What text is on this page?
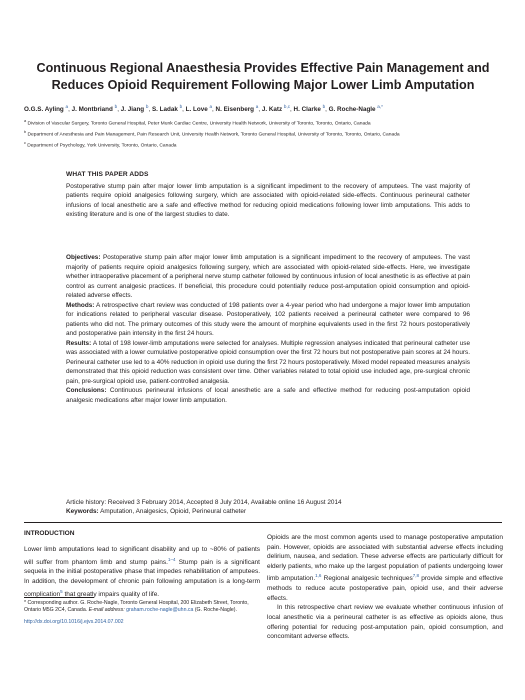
Continuous Regional Anaesthesia Provides Effective Pain Management and Reduces Opioid Requirement Following Major Lower Limb Amputation
O.G.S. Ayling $^a$, J. Montbriand $^b$, J. Jiang $^b$, S. Ladak $^b$, L. Love $^a$, N. Eisenberg $^a$, J. Katz $^{b,c}$, H. Clarke $^b$, G. Roche-Nagle $^{a,*}$
$^a$ Division of Vascular Surgery, Toronto General Hospital, Peter Munk Cardiac Centre, University Health Network, University of Toronto, Toronto, Ontario, Canada
$^b$ Department of Anesthesia and Pain Management, Pain Research Unit, University Health Network, Toronto General Hospital, University of Toronto, Toronto, Ontario, Canada
$^c$ Department of Psychology, York University, Toronto, Ontario, Canada
WHAT THIS PAPER ADDS
Postoperative stump pain after major lower limb amputation is a significant impediment to the recovery of amputees. The vast majority of patients require opioid analgesics following surgery, which are associated with opioid-related side-effects. Continuous perineural catheter infusions of local anesthetic are a safe and effective method for reducing opioid medications following lower limb amputations. This adds to existing literature and is one of the largest studies to date.

Objectives: Postoperative stump pain after major lower limb amputation is a significant impediment to the recovery of amputees. The vast majority of patients require opioid analgesics following surgery, which are associated with opioid-related side-effects. Here, we investigate whether intraoperative placement of a peripheral nerve stump catheter followed by continuous infusion of local anesthetic is as effective at pain control as current analgesic practices. If beneficial, this procedure could potentially reduce post-amputation opioid consumption and opioid-related adverse effects.

Methods: A retrospective chart review was conducted of 198 patients over a 4-year period who had undergone a major lower limb amputation for indications related to peripheral vascular disease. Postoperatively, 102 patients received a perineural catheter were compared to 96 patients who did not. The primary outcomes of this study were the amount of morphine equivalents used in the first 72 hours postoperatively and postoperative pain intensity in the first 24 hours.

Results: A total of 198 lower-limb amputations were selected for analyses. Multiple regression analyses indicated that perineural catheter use was associated with a lower cumulative postoperative opioid consumption over the first 72 hours but not postoperative pain scores at 24 hours. Perineural catheter use led to a 40% reduction in opioid use during the first 72 hours postoperatively. Mixed model repeated measures analysis demonstrated that this opioid reduction was consistent over time. Other variables related to total opioid use included age, pre-surgical chronic pain, pre-surgical opioid use, patient-controlled analgesia.

Conclusions: Continuous perineural infusions of local anesthetic are a safe and effective method for reducing post-amputation opioid analgesic medications after major lower limb amputation.

Article history: Received 3 February 2014, Accepted 8 July 2014, Available online 16 August 2014
Keywords: Amputation, Analgesics, Opioid, Perineural catheter
INTRODUCTION
Lower limb amputations lead to significant disability and up to ~80% of patients will suffer from phantom limb and stump pains.$^{1-4}$ Stump pain is a significant sequela in the initial postoperative phase that impedes rehabilitation of amputees. In addition, the development of chronic pain following amputation is a long-term complication$^5$ that greatly impairs quality of life.

Opioids are the most common agents used to manage postoperative amputation pain. However, opioids are associated with substantial adverse effects including delirium, nausea, and sedation. These adverse effects are particularly difficult for elderly patients, who make up the largest population of patients undergoing lower limb amputation.$^{1,6}$ Regional analgesic techniques$^{7,8}$ provide simple and effective methods to reduce acute postoperative pain, opioid use, and their adverse effects.

In this retrospective chart review we evaluate whether continuous infusion of local anesthetic via a perineural catheter is as effective as opioids alone, thus offering potential for reducing post-amputation pain, opioid consumption, and concomitant adverse effects.

* Corresponding author. G. Roche-Nagle, Toronto General Hospital, 200 Elizabeth Street, Toronto, Ontario M5G 2C4, Canada. E-mail address: graham.roche-nagle@uhn.ca (G. Roche-Nagle).
http://dx.doi.org/10.1016/j.ejvs.2014.07.002
